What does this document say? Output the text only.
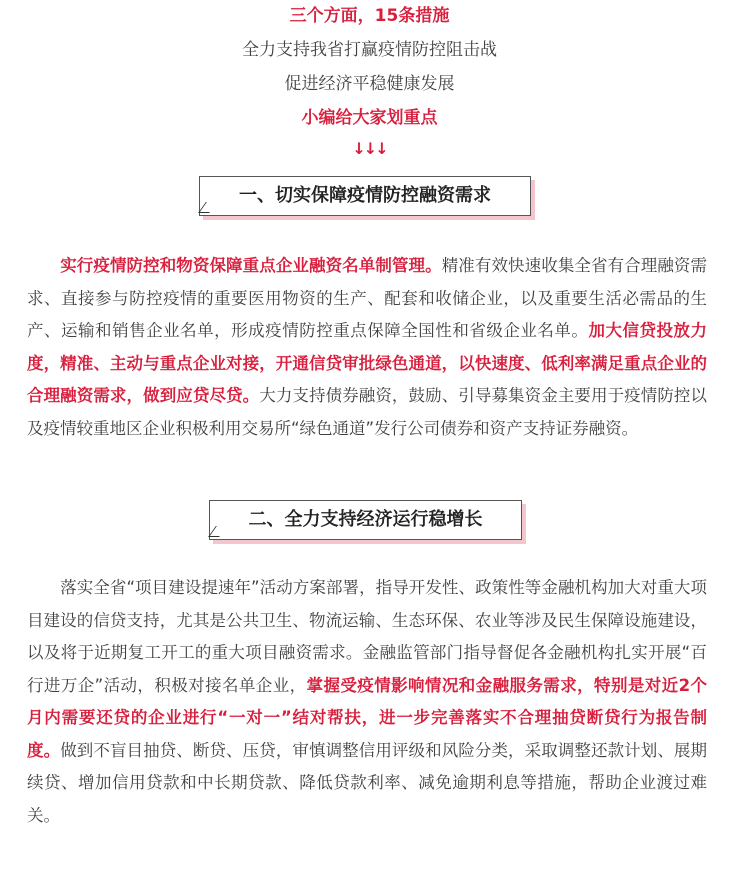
三个方面，15条措施

全力支持我省打赢疫情防控阻击战

促进经济平稳健康发展

小编给大家划重点

↓↓↓
一、切实保障疫情防控融资需求

　　实行疫情防控和物资保障重点企业融资名单制管理。精准有效快速收集全省有合理融资需求、直接参与防控疫情的重要医用物资的生产、配套和收储企业，以及重要生活必需品的生产、运输和销售企业名单，形成疫情防控重点保障全国性和省级企业名单。加大信贷投放力度，精准、主动与重点企业对接，开通信贷审批绿色通道，以快速度、低利率满足重点企业的合理融资需求，做到应贷尽贷。大力支持债券融资，鼓励、引导募集资金主要用于疫情防控以及疫情较重地区企业积极利用交易所“绿色通道”发行公司债券和资产支持证券融资。

二、全力支持经济运行稳增长

　　落实全省“项目建设提速年”活动方案部署，指导开发性、政策性等金融机构加大对重大项目建设的信贷支持，尤其是公共卫生、物流运输、生态环保、农业等涉及民生保障设施建设，以及将于近期复工开工的重大项目融资需求。金融监管部门指导督促各金融机构扎实开展“百行进万企”活动，积极对接名单企业，掌握受疫情影响情况和金融服务需求，特别是对近2个月内需要还贷的企业进行“一对一”结对帮扶，进一步完善落实不合理抽贷断贷行为报告制度。做到不盲目抽贷、断贷、压贷，审慎调整信用评级和风险分类，采取调整还款计划、展期续贷、增加信用贷款和中长期贷款、降低贷款利率、减免逾期利息等措施，帮助企业渡过难关。
